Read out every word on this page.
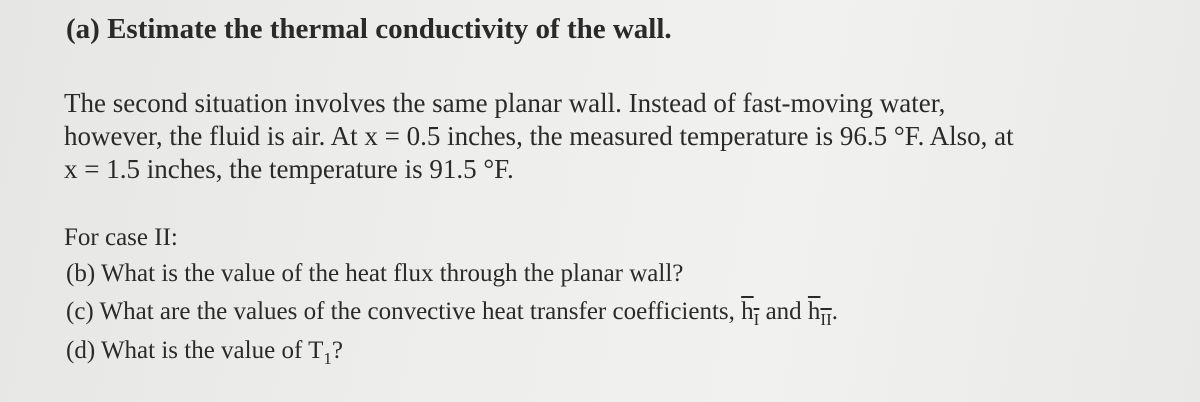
(a) Estimate the thermal conductivity of the wall.
The second situation involves the same planar wall. Instead of fast-moving water,
however, the fluid is air. At x = 0.5 inches, the measured temperature is 96.5 °F. Also, at
x = 1.5 inches, the temperature is 91.5 °F.
For case II:
(b) What is the value of the heat flux through the planar wall?
(c) What are the values of the convective heat transfer coefficients, $h_I$ and $h_{II}$.
(d) What is the value of $T_1$?
